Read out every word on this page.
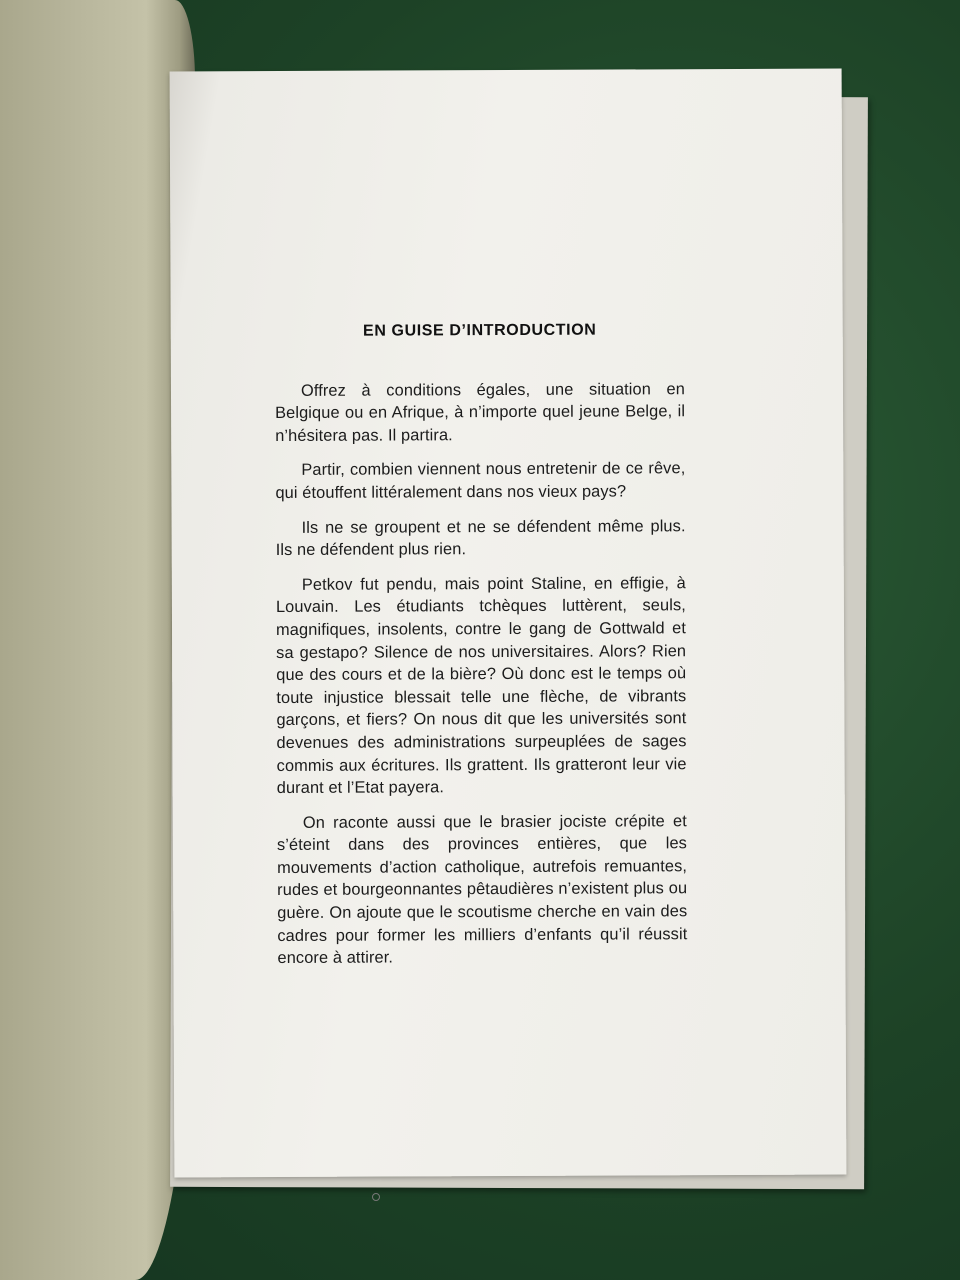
EN GUISE D’INTRODUCTION

Offrez à conditions égales, une situation en Belgique ou en Afrique, à n’importe quel jeune Belge, il n’hésitera pas. Il partira.

Partir, combien viennent nous entretenir de ce rêve, qui étouffent littéralement dans nos vieux pays?

Ils ne se groupent et ne se défendent même plus. Ils ne défendent plus rien.

Petkov fut pendu, mais point Staline, en effigie, à Louvain. Les étudiants tchèques luttèrent, seuls, magnifiques, insolents, contre le gang de Gottwald et sa gestapo? Silence de nos universitaires. Alors? Rien que des cours et de la bière? Où donc est le temps où toute injustice blessait telle une flèche, de vibrants garçons, et fiers? On nous dit que les universités sont devenues des administrations surpeuplées de sages commis aux écritures. Ils grattent. Ils gratteront leur vie durant et l’Etat payera.

On raconte aussi que le brasier jociste crépite et s’éteint dans des provinces entières, que les mouvements d’action catholique, autrefois remuantes, rudes et bourgeonnantes pêtaudières n’existent plus ou guère. On ajoute que le scoutisme cherche en vain des cadres pour former les milliers d’enfants qu’il réussit encore à attirer.
